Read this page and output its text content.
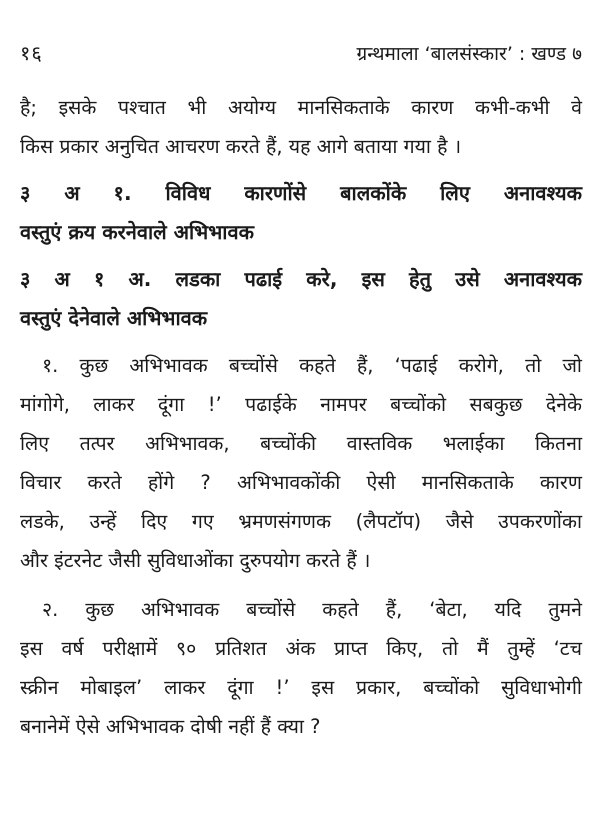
१६	ग्रन्थमाला ‘बालसंस्कार’ : खण्ड ७

है; इसके पश्चात भी अयोग्य मानसिकताके कारण कभी-कभी वे
किस प्रकार अनुचित आचरण करते हैं, यह आगे बताया गया है ।

३ अ १. विविध कारणोंसे बालकोंके लिए अनावश्यक
वस्तुएं क्रय करनेवाले अभिभावक
३ अ १ अ. लडका पढाई करे, इस हेतु उसे अनावश्यक
वस्तुएं देनेवाले अभिभावक

१. कुछ अभिभावक बच्चोंसे कहते हैं, ‘पढाई करोगे, तो जो
मांगोगे, लाकर दूंगा !’ पढाईके नामपर बच्चोंको सबकुछ देनेके
लिए तत्पर अभिभावक, बच्चोंकी वास्तविक भलाईका कितना
विचार करते होंगे ? अभिभावकोंकी ऐसी मानसिकताके कारण
लडके, उन्हें दिए गए भ्रमणसंगणक (लैपटॉप) जैसे उपकरणोंका
और इंटरनेट जैसी सुविधाओंका दुरुपयोग करते हैं ।

२. कुछ अभिभावक बच्चोंसे कहते हैं, ‘बेटा, यदि तुमने
इस वर्ष परीक्षामें ९० प्रतिशत अंक प्राप्त किए, तो मैं तुम्हें ‘टच
स्क्रीन मोबाइल’ लाकर दूंगा !’ इस प्रकार, बच्चोंको सुविधाभोगी
बनानेमें ऐसे अभिभावक दोषी नहीं हैं क्या ?
